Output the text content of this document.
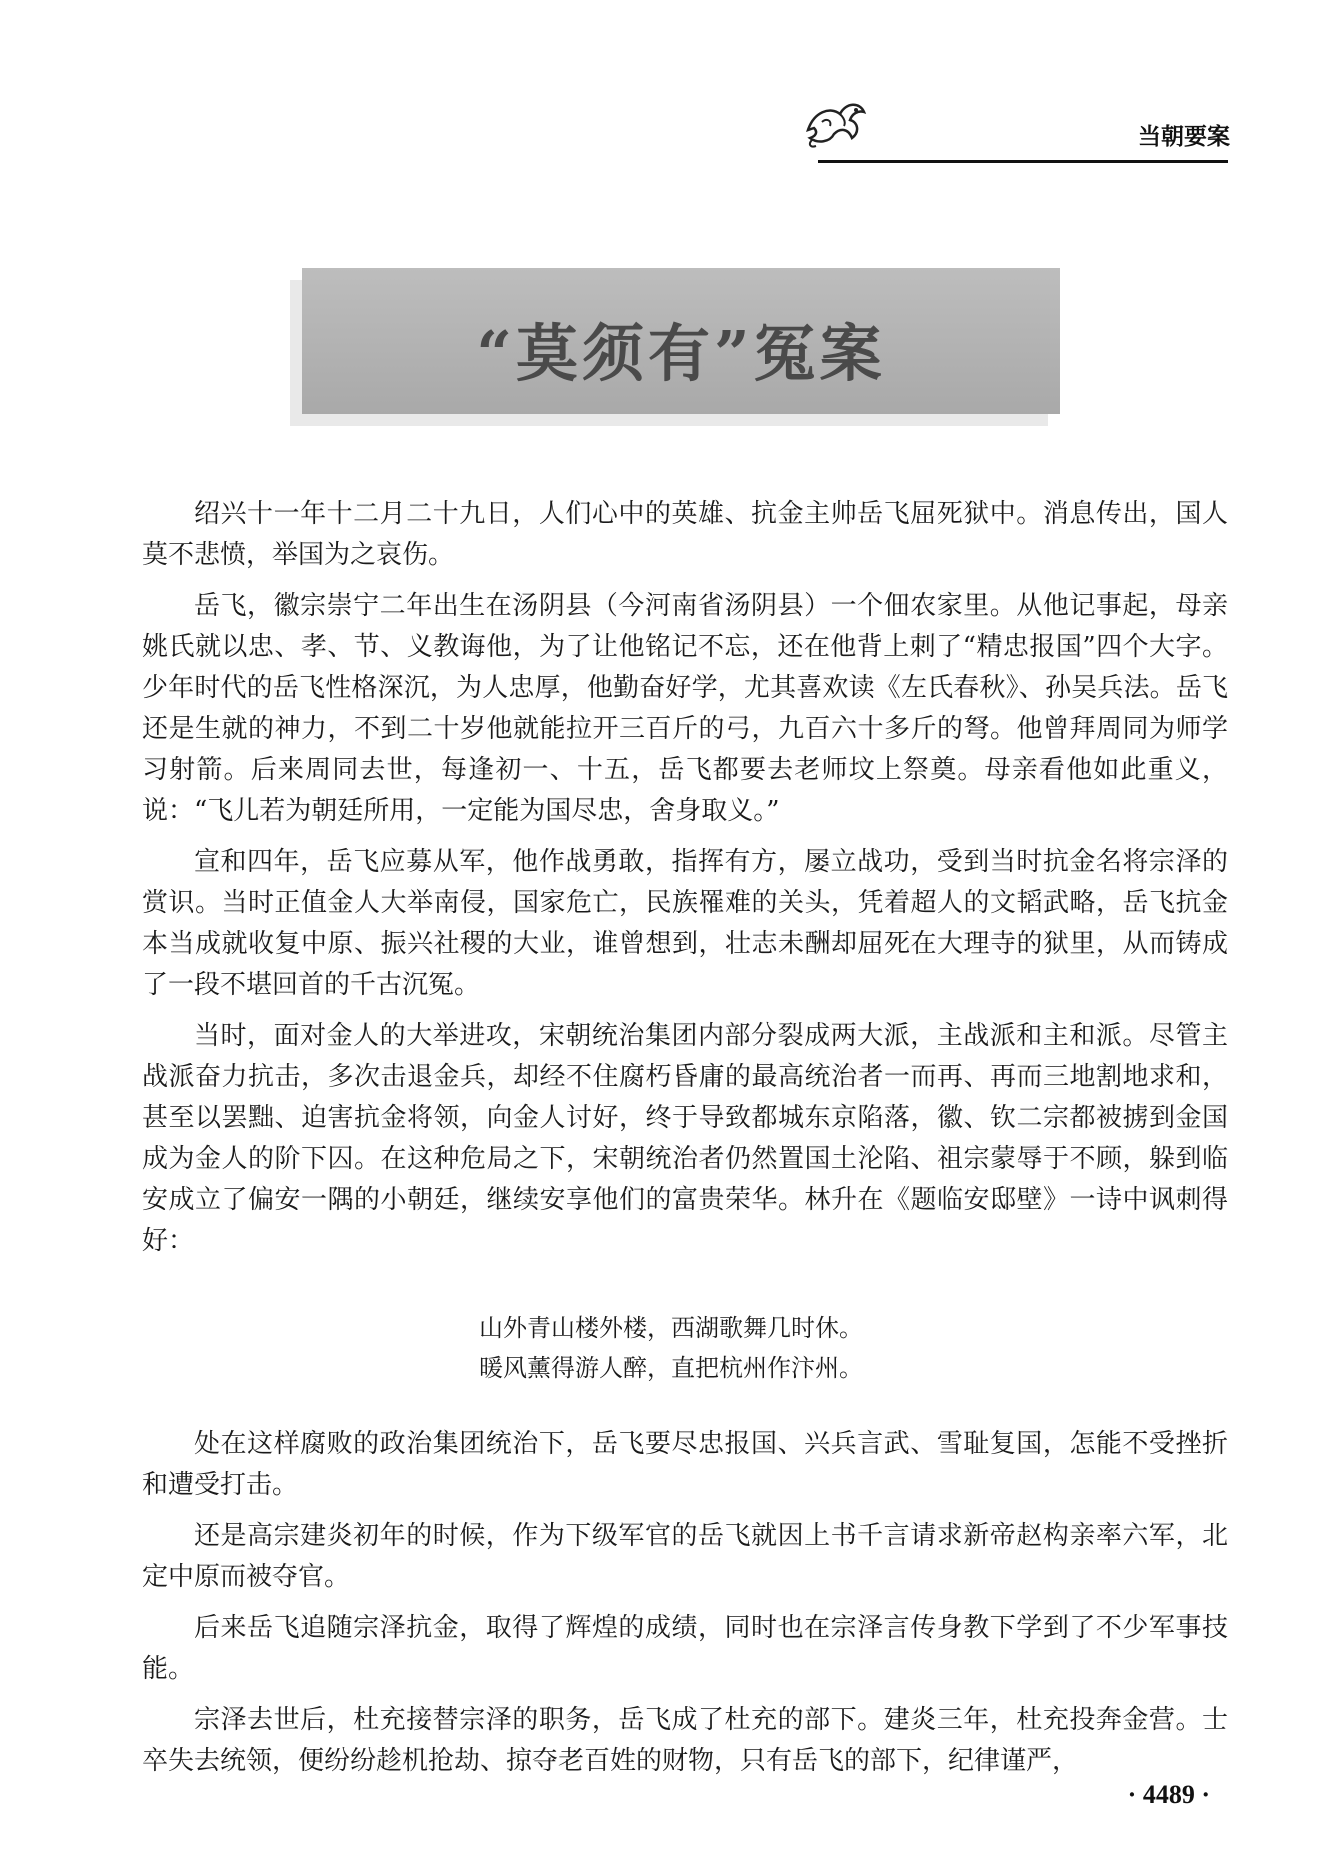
当朝要案
“莫须有”冤案

绍兴十一年十二月二十九日，人们心中的英雄、抗金主帅岳飞屈死狱中。消息传出，国人莫不悲愤，举国为之哀伤。

岳飞，徽宗崇宁二年出生在汤阴县（今河南省汤阴县）一个佃农家里。从他记事起，母亲姚氏就以忠、孝、节、义教诲他，为了让他铭记不忘，还在他背上刺了“精忠报国”四个大字。少年时代的岳飞性格深沉，为人忠厚，他勤奋好学，尤其喜欢读《左氏春秋》、孙吴兵法。岳飞还是生就的神力，不到二十岁他就能拉开三百斤的弓，九百六十多斤的弩。他曾拜周同为师学习射箭。后来周同去世，每逢初一、十五，岳飞都要去老师坟上祭奠。母亲看他如此重义，说：“飞儿若为朝廷所用，一定能为国尽忠，舍身取义。”

宣和四年，岳飞应募从军，他作战勇敢，指挥有方，屡立战功，受到当时抗金名将宗泽的赏识。当时正值金人大举南侵，国家危亡，民族罹难的关头，凭着超人的文韬武略，岳飞抗金本当成就收复中原、振兴社稷的大业，谁曾想到，壮志未酬却屈死在大理寺的狱里，从而铸成了一段不堪回首的千古沉冤。

当时，面对金人的大举进攻，宋朝统治集团内部分裂成两大派，主战派和主和派。尽管主战派奋力抗击，多次击退金兵，却经不住腐朽昏庸的最高统治者一而再、再而三地割地求和，甚至以罢黜、迫害抗金将领，向金人讨好，终于导致都城东京陷落，徽、钦二宗都被掳到金国成为金人的阶下囚。在这种危局之下，宋朝统治者仍然置国土沦陷、祖宗蒙辱于不顾，躲到临安成立了偏安一隅的小朝廷，继续安享他们的富贵荣华。林升在《题临安邸壁》一诗中讽刺得好：

山外青山楼外楼，西湖歌舞几时休。
暖风薰得游人醉，直把杭州作汴州。

处在这样腐败的政治集团统治下，岳飞要尽忠报国、兴兵言武、雪耻复国，怎能不受挫折和遭受打击。

还是高宗建炎初年的时候，作为下级军官的岳飞就因上书千言请求新帝赵构亲率六军，北定中原而被夺官。

后来岳飞追随宗泽抗金，取得了辉煌的成绩，同时也在宗泽言传身教下学到了不少军事技能。

宗泽去世后，杜充接替宗泽的职务，岳飞成了杜充的部下。建炎三年，杜充投奔金营。士卒失去统领，便纷纷趁机抢劫、掠夺老百姓的财物，只有岳飞的部下，纪律谨严，

· 4489 ·
